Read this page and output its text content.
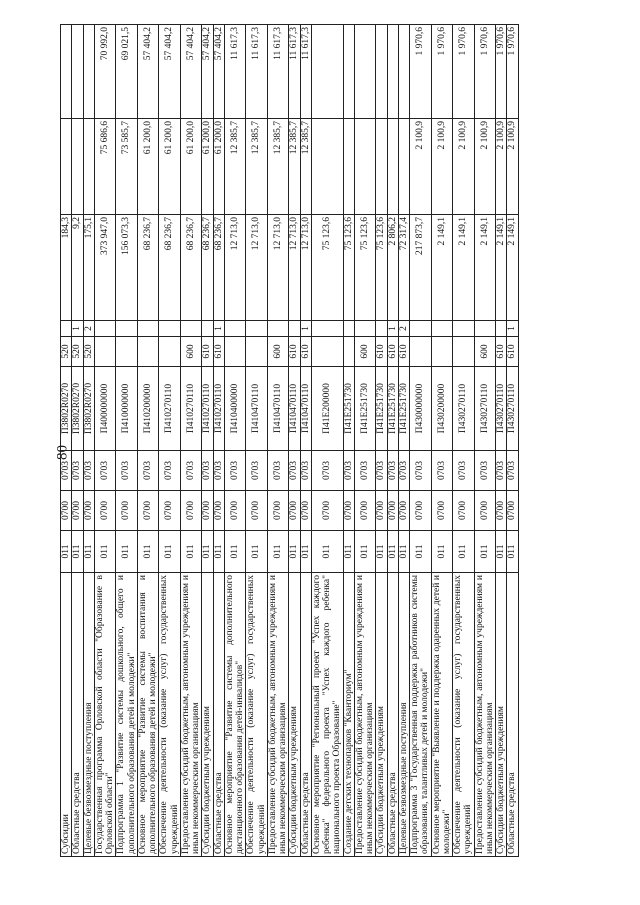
80
Субсидии	011	0700	0703	П3802R0270	520		184,3		
Областные средства	011	0700	0703	П3802R0270	520	1	9,2		
Целевые безвозмездные поступления	011	0700	0703	П3802R0270	520	2	175,1		
Государственная программа Орловской области "Образование в Орловской области"	011	0700	0703	П400000000			373 947,0	75 686,6	70 992,0
Подпрограмма 1 "Развитие системы дошкольного, общего и дополнительного образования детей и молодежи"	011	0700	0703	П410000000			156 073,3	73 585,7	69 021,5
Основное мероприятие "Развитие системы воспитания и дополнительного образования детей и молодежи"	011	0700	0703	П410200000			68 236,7	61 200,0	57 404,2
Обеспечение деятельности (оказание услуг) государственных учреждений	011	0700	0703	П410270110			68 236,7	61 200,0	57 404,2
Предоставление субсидий бюджетным, автономным учреждениям и иным некоммерческим организациям	011	0700	0703	П410270110	600		68 236,7	61 200,0	57 404,2
Субсидии бюджетным учреждениям	011	0700	0703	П410270110	610		68 236,7	61 200,0	57 404,2
Областные средства	011	0700	0703	П410270110	610	1	68 236,7	61 200,0	57 404,2
Основное мероприятие "Развитие системы дополнительного дистанционного образования детей-инвалидов"	011	0700	0703	П410400000			12 713,0	12 385,7	11 617,3
Обеспечение деятельности (оказание услуг) государственных учреждений	011	0700	0703	П410470110			12 713,0	12 385,7	11 617,3
Предоставление субсидий бюджетным, автономным учреждениям и иным некоммерческим организациям	011	0700	0703	П410470110	600		12 713,0	12 385,7	11 617,3
Субсидии бюджетным учреждениям	011	0700	0703	П410470110	610		12 713,0	12 385,7	11 617,3
Областные средства	011	0700	0703	П410470110	610	1	12 713,0	12 385,7	11 617,3
Основное мероприятие "Региональный проект "Успех каждого ребенка" федерального проекта "Успех каждого ребенка" национального проекта Образование"	011	0700	0703	П41Е200000			75 123,6		
Создание детских технопарков "Кванториум"	011	0700	0703	П41Е251730			75 123,6		
Предоставление субсидий бюджетным, автономным учреждениям и иным некоммерческим организациям	011	0700	0703	П41Е251730	600		75 123,6		
Субсидии бюджетным учреждениям	011	0700	0703	П41Е251730	610		75 123,6		
Областные средства	011	0700	0703	П41Е251730	610	1	2 806,2		
Целевые безвозмездные поступления	011	0700	0703	П41Е251730	610	2	72 317,4		
Подпрограмма 3 "Государственная поддержка работников системы образования, талантливых детей и молодежи"	011	0700	0703	П430000000			217 873,7	2 100,9	1 970,6
Основное мероприятие "Выявление и поддержка одаренных детей и молодежи"	011	0700	0703	П430200000			2 149,1	2 100,9	1 970,6
Обеспечение деятельности (оказание услуг) государственных учреждений	011	0700	0703	П430270110			2 149,1	2 100,9	1 970,6
Предоставление субсидий бюджетным, автономным учреждениям и иным некоммерческим организациям	011	0700	0703	П430270110	600		2 149,1	2 100,9	1 970,6
Субсидии бюджетным учреждениям	011	0700	0703	П430270110	610		2 149,1	2 100,9	1 970,6
Областные средства	011	0700	0703	П430270110	610	1	2 149,1	2 100,9	1 970,6
